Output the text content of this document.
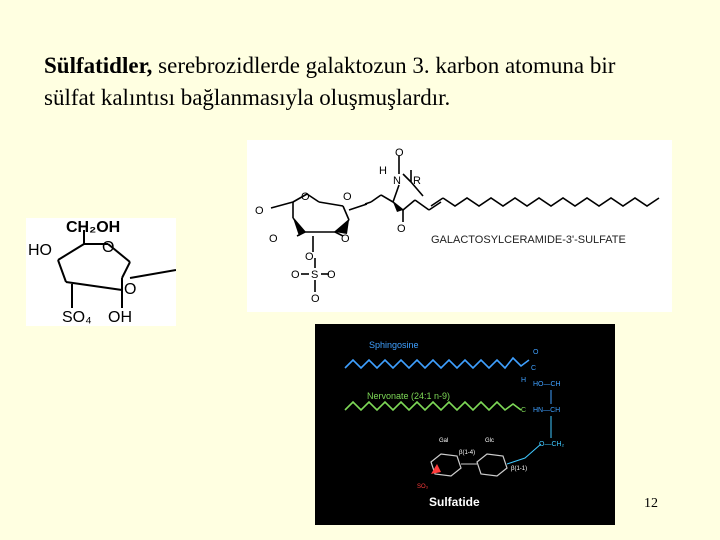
Sülfatidler, serebrozidlerde galaktozun 3. karbon atomuna bir sülfat kalıntısı bağlanmasıyla oluşmuşlardır.
CH₂OH
HO	O
O
SO₄ OH
O
O
O
O	O
O
N
H
O
R
O
O S O
O
GALACTOSYLCERAMIDE-3'-SULFATE
Sphingosine
O
C
H
HO—CH
Nervonate (24:1 n-9)
C HN—CH
O—CH₂
Gal	Glc
β(1-4)
β(1-1)
SO₃
Sulfatide	12
